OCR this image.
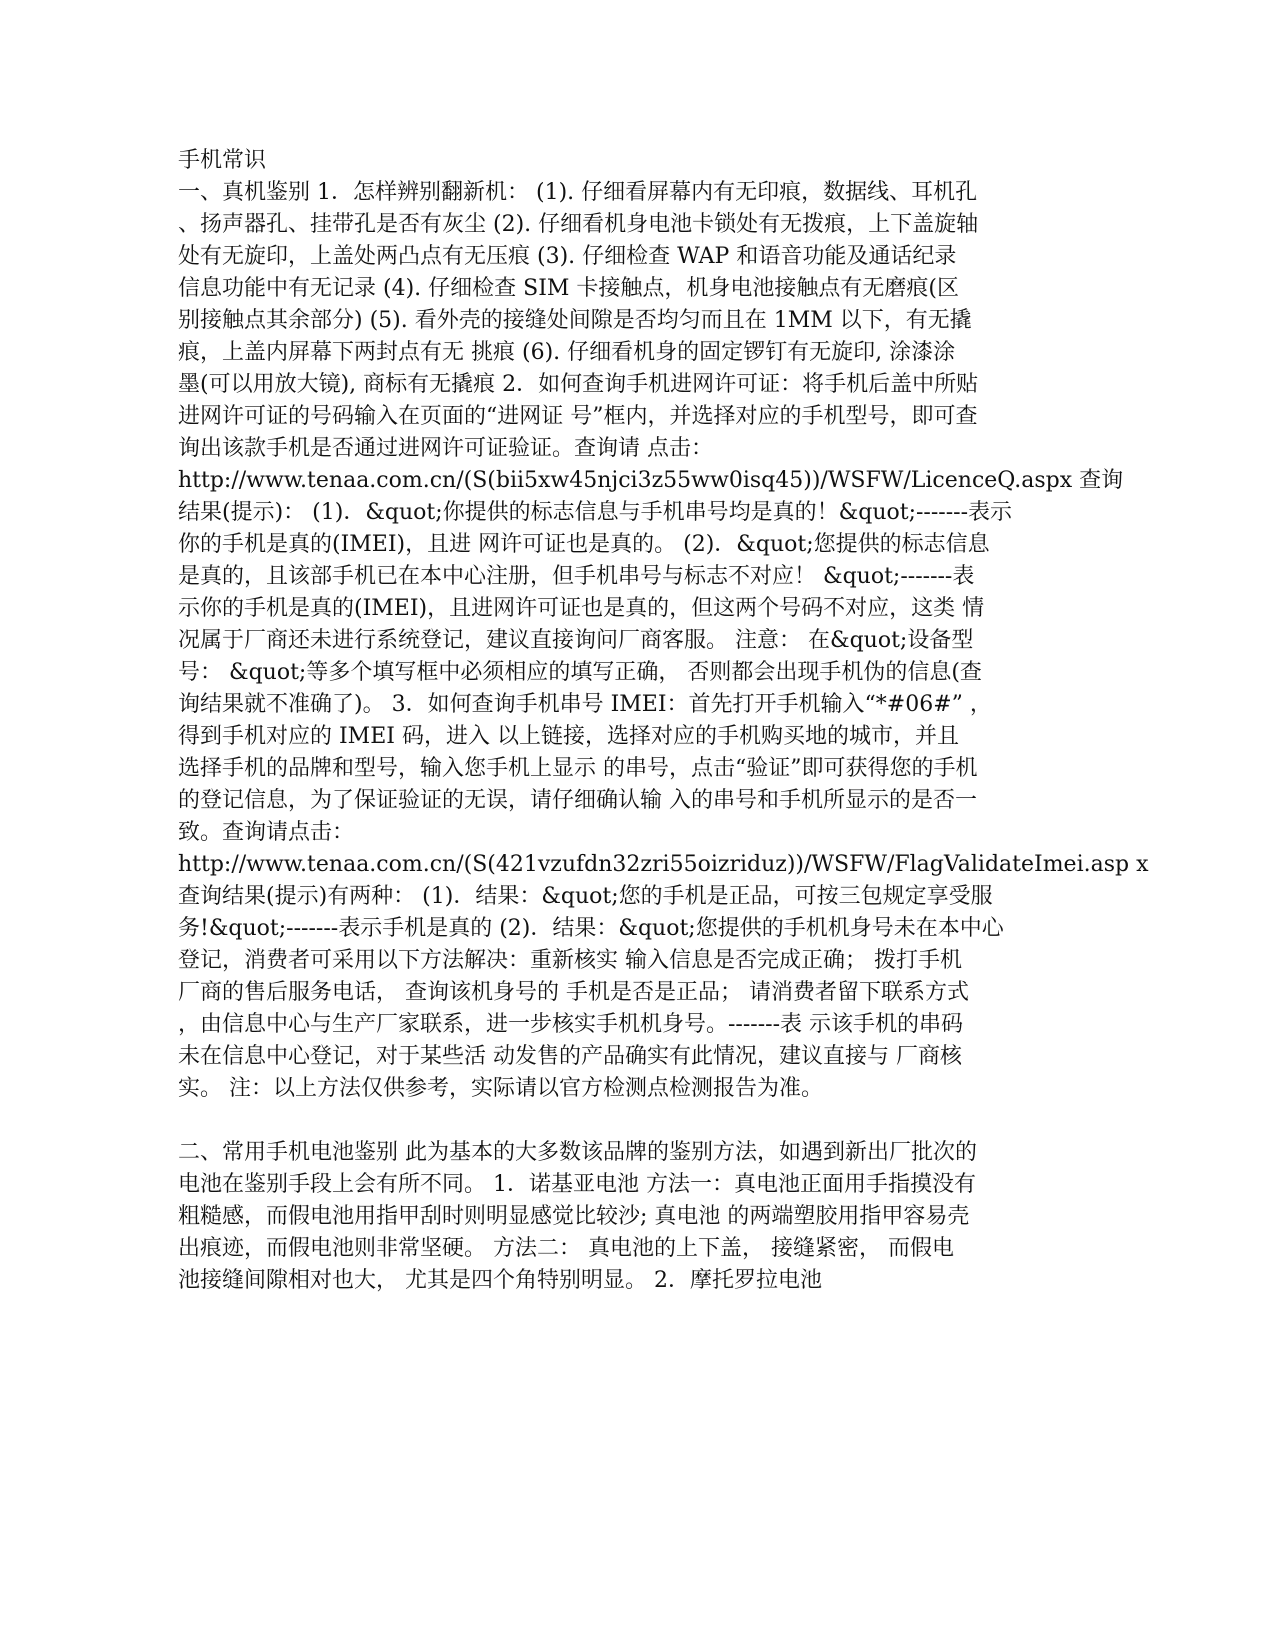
手机常识
一、真机鉴别 1．怎样辨别翻新机： (1). 仔细看屏幕内有无印痕，数据线、耳机孔
、扬声器孔、挂带孔是否有灰尘 (2). 仔细看机身电池卡锁处有无拨痕，上下盖旋轴
处有无旋印，上盖处两凸点有无压痕 (3). 仔细检查 WAP 和语音功能及通话纪录
信息功能中有无记录 (4). 仔细检查 SIM 卡接触点，机身电池接触点有无磨痕(区
别接触点其余部分) (5). 看外壳的接缝处间隙是否均匀而且在 1MM 以下，有无撬
痕，上盖内屏幕下两封点有无 挑痕 (6). 仔细看机身的固定锣钉有无旋印, 涂漆涂
墨(可以用放大镜), 商标有无撬痕 2．如何查询手机进网许可证：将手机后盖中所贴
进网许可证的号码输入在页面的“进网证 号”框内，并选择对应的手机型号，即可查
询出该款手机是否通过进网许可证验证。查询请 点击：
http://www.tenaa.com.cn/(S(bii5xw45njci3z55ww0isq45))/WSFW/LicenceQ.aspx 查询
结果(提示)： (1)．&quot;你提供的标志信息与手机串号均是真的！&quot;-------表示
你的手机是真的(IMEI)，且进 网许可证也是真的。 (2)．&quot;您提供的标志信息
是真的，且该部手机已在本中心注册，但手机串号与标志不对应！ &quot;-------表
示你的手机是真的(IMEI)，且进网许可证也是真的，但这两个号码不对应，这类 情
况属于厂商还未进行系统登记，建议直接询问厂商客服。 注意： 在&quot;设备型
号： &quot;等多个填写框中必须相应的填写正确， 否则都会出现手机伪的信息(查
询结果就不准确了)。 3．如何查询手机串号 IMEI：首先打开手机输入“*#06#” ，
得到手机对应的 IMEI 码，进入 以上链接，选择对应的手机购买地的城市，并且
选择手机的品牌和型号，输入您手机上显示 的串号，点击“验证”即可获得您的手机
的登记信息，为了保证验证的无误，请仔细确认输 入的串号和手机所显示的是否一
致。查询请点击：
http://www.tenaa.com.cn/(S(421vzufdn32zri55oizriduz))/WSFW/FlagValidateImei.asp x
查询结果(提示)有两种： (1)．结果：&quot;您的手机是正品，可按三包规定享受服
务!&quot;-------表示手机是真的 (2)．结果：&quot;您提供的手机机身号未在本中心
登记，消费者可采用以下方法解决：重新核实 输入信息是否完成正确； 拨打手机
厂商的售后服务电话， 查询该机身号的 手机是否是正品； 请消费者留下联系方式
，由信息中心与生产厂家联系，进一步核实手机机身号。-------表 示该手机的串码
未在信息中心登记，对于某些活 动发售的产品确实有此情况，建议直接与 厂商核
实。 注：以上方法仅供参考，实际请以官方检测点检测报告为准。
二、常用手机电池鉴别 此为基本的大多数该品牌的鉴别方法，如遇到新出厂批次的
电池在鉴别手段上会有所不同。 1．诺基亚电池 方法一：真电池正面用手指摸没有
粗糙感，而假电池用指甲刮时则明显感觉比较沙; 真电池 的两端塑胶用指甲容易壳
出痕迹，而假电池则非常坚硬。 方法二： 真电池的上下盖， 接缝紧密， 而假电
池接缝间隙相对也大， 尤其是四个角特别明显。 2．摩托罗拉电池
